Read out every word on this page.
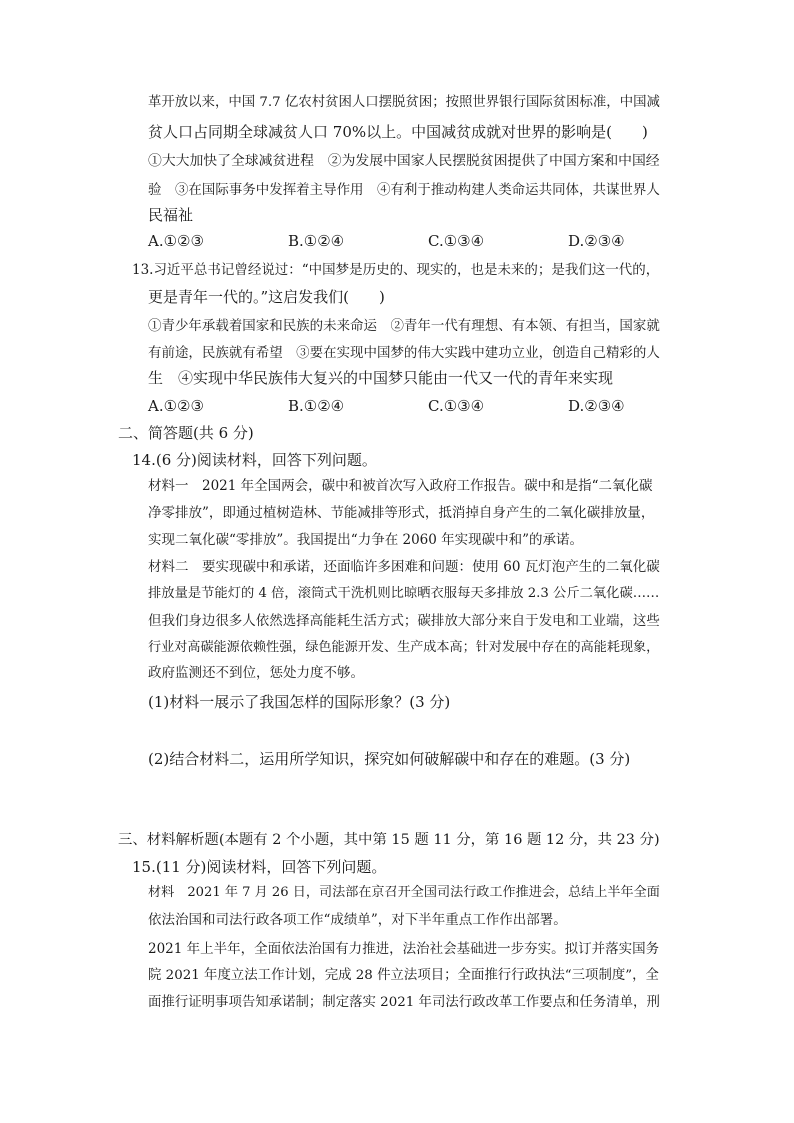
革开放以来，中国 7.7 亿农村贫困人口摆脱贫困；按照世界银行国际贫困标准，中国减
贫人口占同期全球减贫人口 70%以上。中国减贫成就对世界的影响是(　　)
①大大加快了全球减贫进程　②为发展中国家人民摆脱贫困提供了中国方案和中国经
验　③在国际事务中发挥着主导作用　④有利于推动构建人类命运共同体，共谋世界人
民福祉
A.①②③	B.①②④	C.①③④	D.②③④
13.习近平总书记曾经说过：“中国梦是历史的、现实的，也是未来的；是我们这一代的，
更是青年一代的。”这启发我们(　　)
①青少年承载着国家和民族的未来命运　②青年一代有理想、有本领、有担当，国家就
有前途，民族就有希望　③要在实现中国梦的伟大实践中建功立业，创造自己精彩的人
生　④实现中华民族伟大复兴的中国梦只能由一代又一代的青年来实现
A.①②③	B.①②④	C.①③④	D.②③④
二、简答题(共 6 分)
14.(6 分)阅读材料，回答下列问题。
材料一　2021 年全国两会，碳中和被首次写入政府工作报告。碳中和是指“二氧化碳
净零排放”，即通过植树造林、节能减排等形式，抵消掉自身产生的二氧化碳排放量，
实现二氧化碳“零排放”。我国提出“力争在 2060 年实现碳中和”的承诺。
材料二　要实现碳中和承诺，还面临许多困难和问题：使用 60 瓦灯泡产生的二氧化碳
排放量是节能灯的 4 倍，滚筒式干洗机则比晾晒衣服每天多排放 2.3 公斤二氧化碳……
但我们身边很多人依然选择高能耗生活方式；碳排放大部分来自于发电和工业端，这些
行业对高碳能源依赖性强，绿色能源开发、生产成本高；针对发展中存在的高能耗现象，
政府监测还不到位，惩处力度不够。
(1)材料一展示了我国怎样的国际形象？(3 分)
(2)结合材料二，运用所学知识，探究如何破解碳中和存在的难题。(3 分)
三、材料解析题(本题有 2 个小题，其中第 15 题 11 分，第 16 题 12 分，共 23 分)
15.(11 分)阅读材料，回答下列问题。
材料　2021 年 7 月 26 日，司法部在京召开全国司法行政工作推进会，总结上半年全面
依法治国和司法行政各项工作“成绩单”，对下半年重点工作作出部署。
2021 年上半年，全面依法治国有力推进，法治社会基础进一步夯实。拟订并落实国务
院 2021 年度立法工作计划，完成 28 件立法项目；全面推行行政执法“三项制度”，全
面推行证明事项告知承诺制；制定落实 2021 年司法行政改革工作要点和任务清单，刑
